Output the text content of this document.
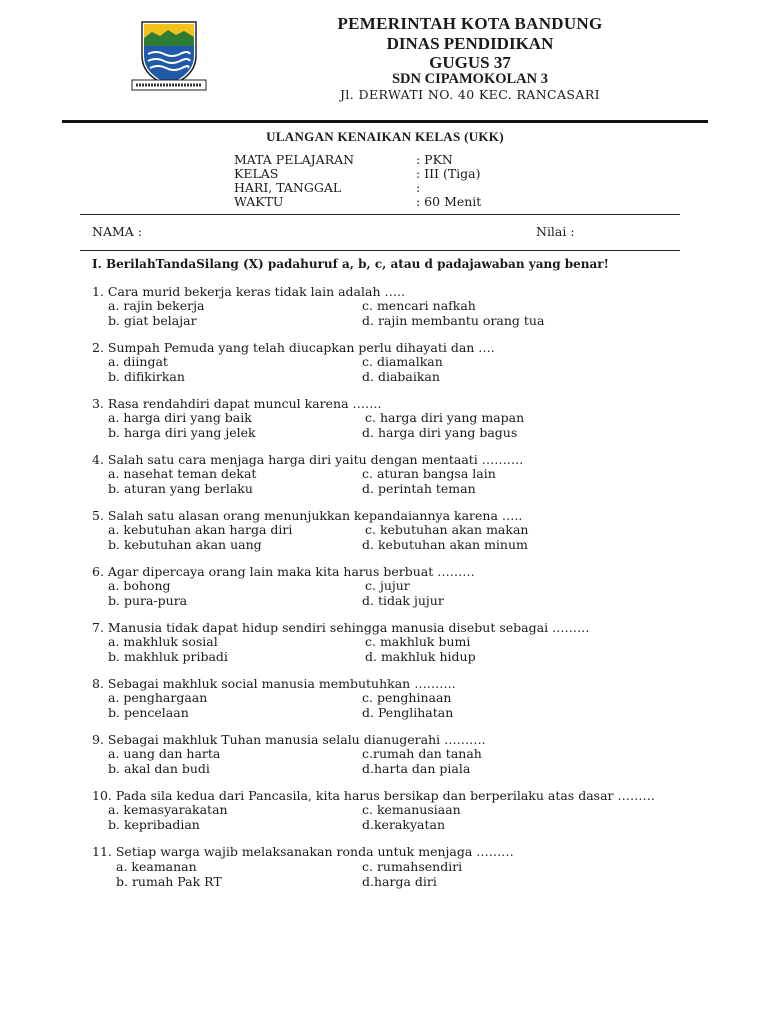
PEMERINTAH KOTA BANDUNG
DINAS PENDIDIKAN
GUGUS 37
SDN CIPAMOKOLAN 3
Jl. DERWATI NO. 40 KEC. RANCASARI
ULANGAN KENAIKAN KELAS (UKK)
MATA PELAJARAN	: PKN
KELAS	: III (Tiga)
HARI, TANGGAL	:
WAKTU	: 60 Menit
NAMA :	Nilai :
I. BerilahTandaSilang (X) padahuruf a, b, c, atau d padajawaban yang benar!
1. Cara murid bekerja keras tidak lain adalah …..
a. rajin bekerja
b. giat belajar
c. mencari nafkah
d. rajin membantu orang tua
2. Sumpah Pemuda yang telah diucapkan perlu dihayati dan ….
a. diingat
b. difikirkan
c. diamalkan
d. diabaikan
3. Rasa rendahdiri dapat muncul karena …….
a. harga diri yang baik
b. harga diri yang jelek
c. harga diri yang mapan
d. harga diri yang bagus
4. Salah satu cara menjaga harga diri yaitu dengan mentaati ……….
a. nasehat teman dekat
b. aturan yang berlaku
c. aturan bangsa lain
d. perintah teman
5. Salah satu alasan orang menunjukkan kepandaiannya karena …..
a. kebutuhan akan harga diri
b. kebutuhan akan uang
c. kebutuhan akan makan
d. kebutuhan akan minum
6. Agar dipercaya orang lain maka kita harus berbuat ………
a. bohong
b. pura-pura
c. jujur
d. tidak jujur
7. Manusia tidak dapat hidup sendiri sehingga manusia disebut sebagai ………
a. makhluk sosial
b. makhluk pribadi
c. makhluk bumi
d. makhluk hidup
8. Sebagai makhluk social manusia membutuhkan ……….
a. penghargaan
b. pencelaan
c. penghinaan
d. Penglihatan
9. Sebagai makhluk Tuhan manusia selalu dianugerahi ……….
a. uang dan harta
b. akal dan budi
c.rumah dan tanah
d.harta dan piala
10. Pada sila kedua dari Pancasila, kita harus bersikap dan berperilaku atas dasar ………
a. kemasyarakatan
b. kepribadian
c. kemanusiaan
d.kerakyatan
11. Setiap warga wajib melaksanakan ronda untuk menjaga ………
a. keamanan
b. rumah Pak RT
c. rumahsendiri
d.harga diri
